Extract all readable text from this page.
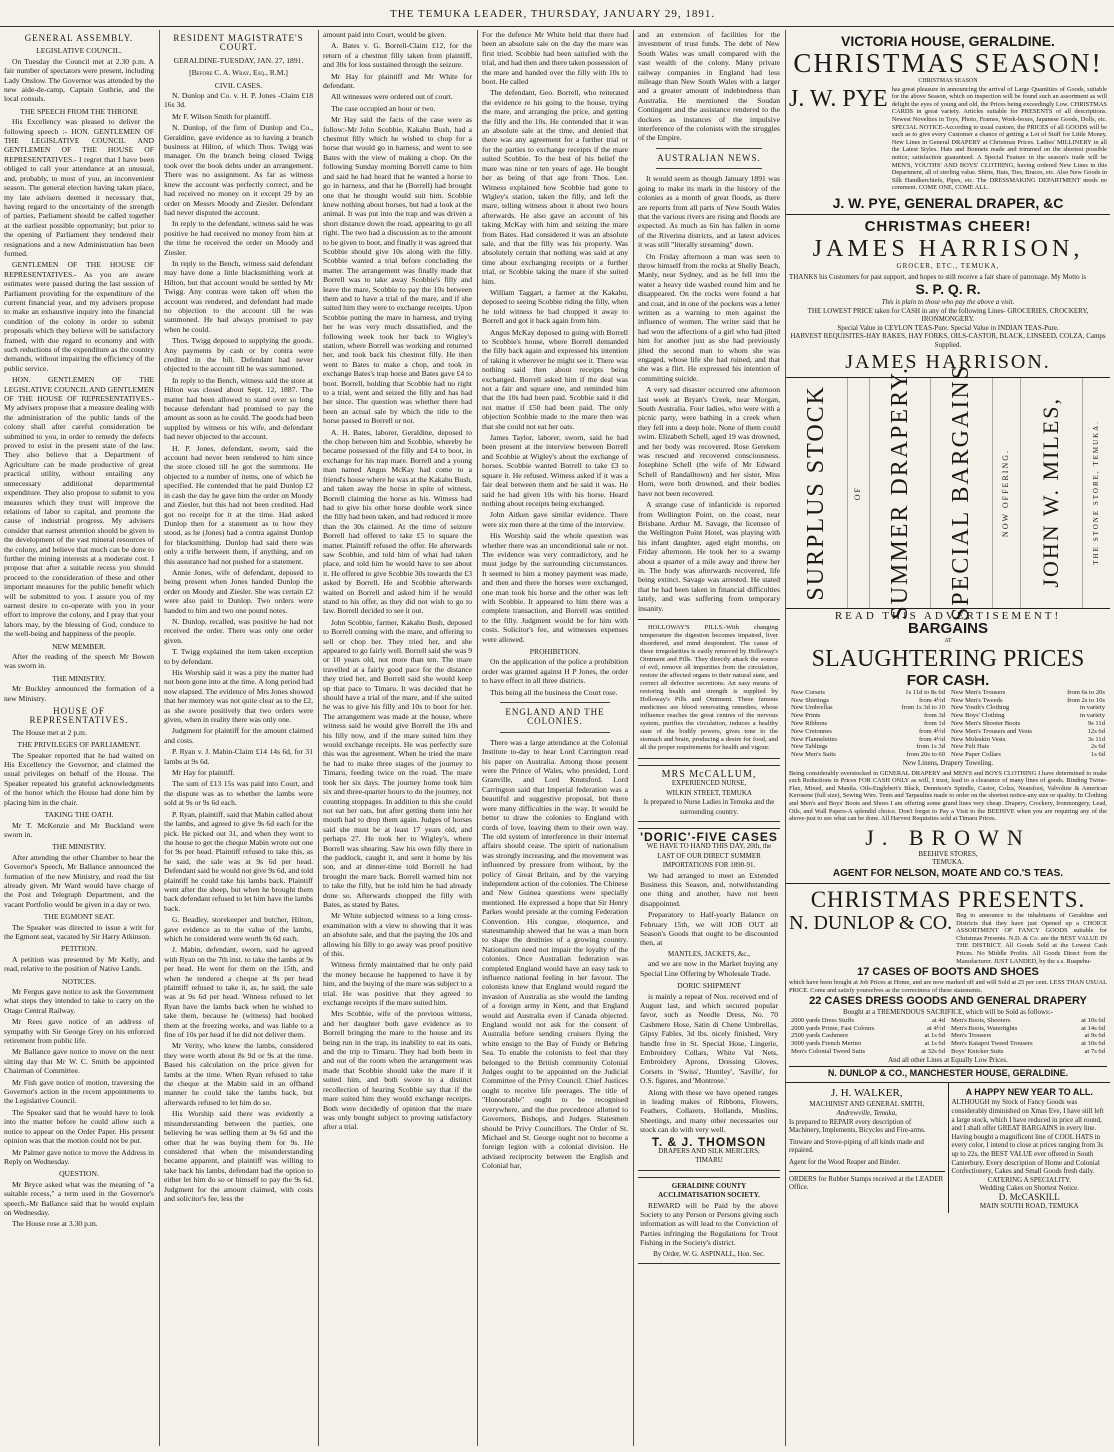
THE TEMUKA LEADER, THURSDAY, JANUARY 29, 1891.
GENERAL ASSEMBLY.
LEGISLATIVE COUNCIL.

On Tuesday the Council met at 2.30 p.m. A fair number of spectators were present, including Lady Onslow. The Governor was attended by the new aide-de-camp, Captain Guthrie, and the local consuls.

THE SPEECH FROM THE THRONE

His Excellency was pleased to deliver the following speech :- HON. GENTLEMEN OF THE LEGISLATIVE COUNCIL AND GENTLEMEN OF THE HOUSE OF REPRESENTATIVES.- I regret that I have been obliged to call your attendance at an unusual, and, probably, to most of you, an inconvenient season. The general election having taken place, my late advisers deemed it necessary that, having regard to the uncertainty of the strength of parties, Parliament should be called together at the earliest possible opportunity; but prior to the opening of Parliament they tendered their resignations and a new Administration has been formed.

GENTLEMEN OF THE HOUSE OF REPRESENTATIVES.- As you are aware estimates were passed during the last session of Parliament providing for the expenditure of the current financial year, and my advisers propose to make an exhaustive inquiry into the financial condition of the colony in order to submit proposals which they believe will be satisfactory framed, with due regard to economy and with such reductions of the expenditure as the country demands, without impairing the efficiency of the public service.

HON. GENTLEMEN OF THE LEGISLATIVE COUNCIL AND GENTLEMEN OF THE HOUSE OF REPRESENTATIVES.- My advisers propose that a measure dealing with the administration of the public lands of the colony shall after careful consideration be submitted to you, in order to remedy the defects proved to exist in the present state of the law. They also believe that a Department of Agriculture can be made productive of great practical utility, without entailing any unnecessary additional departmental expenditure. They also propose to submit to you measures which they trust will improve the relations of labor to capital, and promote the cause of industrial progress. My advisers consider that earnest attention should be given to the development of the vast mineral resources of the colony, and believe that much can be done to further the mining interests at a moderate cost. I propose that after a suitable recess you should proceed to the consideration of these and other important measures for the public benefit which will be submitted to you. I assure you of my earnest desire to co-operate with you in your effort to improve the colony, and I pray that your labors may, by the blessing of God, conduce to the well-being and happiness of the people.

NEW MEMBER.

After the reading of the speech Mr Bowen was sworn in.

THE MINISTRY.

Mr Buckley announced the formation of a new Ministry.

HOUSE OF REPRESENTATIVES.

The House met at 2 p.m.

THE PRIVILEGES OF PARLIAMENT.

The Speaker reported that he had waited on His Excellency the Governor, and claimed the usual privileges on behalf of the House. The Speaker repeated his grateful acknowledgments of the honor which the House had done him by placing him in the chair.

TAKING THE OATH.

Mr T. McKenzie and Mr Buckland were sworn in.

THE MINISTRY.

After attending the other Chamber to hear the Governor's Speech, Mr Ballance announced the formation of the new Ministry, and read the list already given. Mr Ward would have charge of the Post and Telegraph Department, and the vacant Portfolio would be given in a day or two.

THE EGMONT SEAT.

The Speaker was directed to issue a writ for the Egmont seat, vacated by Sir Harry Atkinson.

PETITION.

A petition was presented by Mr Kelly, and read, relative to the position of Native Lands.

NOTICES.

Mr Fergus gave notice to ask the Government what steps they intended to take to carry on the Otago Central Railway.

Mr Rees gave notice of an address of sympathy with Sir George Grey on his enforced retirement from public life.

Mr Ballance gave notice to move on the next sitting day that Mr W. C. Smith be appointed Chairman of Committee.

Mr Fish gave notice of motion, traversing the Governor's action in the recent appointments to the Legislative Council.

The Speaker said that he would have to look into the matter before he could allow such a notice to appear on the Order Paper. His present opinion was that the motion could not be put.

Mr Palmer gave notice to move the Address in Reply on Wednesday.

QUESTION.

Mr Bryce asked what was the meaning of "a suitable recess," a term used in the Governor's speech.-Mr Ballance said that he would explain on Wednesday.

The House rose at 3.30 p.m.

RESIDENT MAGISTRATE'S COURT.
GERALDINE-TUESDAY, JAN. 27, 1891.
[Before C. A. Wray, Esq., R.M.]
CIVIL CASES.

N. Dunlop and Co. v. H. P. Jones -Claim £18 16s 3d.

Mr F. Wilson Smith for plaintiff.

N. Dunlop, of the firm of Dunlop and Co., Geraldine, gave evidence as to having a branch business at Hilton, of which Thos. Twigg was manager. On the branch being closed Twigg took over the book debts under an arrangement. There was no assignment. As far as witness knew the account was perfectly correct, and he had received no money on it except 29 by an order on Messrs Moody and Ziesler. Defendant had never disputed the account.

In reply to the defendant, witness said he was positive he had received no money from him at the time he received the order on Moody and Ziesler.

In reply to the Bench, witness said defendant may have done a little blacksmithing work at Hilton, but that account would be settled by Mr Twigg. Any contras were taken off when the account was rendered, and defendant had made no objection to the account till he was summoned. He had always promised to pay when he could.

Thos. Twigg deposed to supplying the goods. Any payments by cash or by contra were credited in the bill. Defendant had never objected to the account till he was summoned.

In reply to the Bench, witness said the store at Hilton was closed about Sept. 12, 1887. The matter had been allowed to stand over so long because defendant had promised to pay the amount as soon as he could. The goods had been supplied by witness or his wife, and defendant had never objected to the account.

H. P. Jones, defendant, sworn, said the account had never been rendered to him since the store closed till he got the summons. He objected to a number of items, one of which he specified. He contended that he paid Dunlop £2 in cash the day he gave him the order on Moody and Ziesler, but this had not been credited. Had got no receipt for it at the time. Had asked Dunlop then for a statement as to how they stood, as he (Jones) had a contra against Dunlop for blacksmithing. Dunlop had said there was only a trifle between them, if anything, and on this assurance had not pushed for a statement.

Annie Jones, wife of defendant, deposed to being present when Jones handed Dunlop the order on Moody and Ziesler. She was certain £2 were also paid to Dunlop. Two orders were handed to him and two one pound notes.

N. Dunlop, recalled, was positive he had not received the order. There was only one order given.

T. Twigg explained the item taken exception to by defendant.

His Worship said it was a pity the matter had not been gone into at the time. A long period had now elapsed. The evidence of Mrs Jones showed that her memory was not quite clear as to the £2, as she swore positively that two orders were given, when in reality there was only one.

Judgment for plaintiff for the amount claimed and costs.

P. Ryan v. J. Mabin-Claim £14 14s 6d, for 31 lambs at 9s 6d.

Mr Hay for plaintiff.

The sum of £13 15s was paid into Court, and the dispute was as to whether the lambs were sold at 9s or 9s 6d each.

P. Ryan, plaintiff, said that Mabin called about the lambs, and agreed to give 9s 6d each for the pick. He picked out 31, and when they went to the house to get the cheque Mabin wrote out one for 9s per head. Plaintiff refused to take this, as he said, the sale was at 9s 6d per head. Defendant said he would not give 9s 6d, and told plaintiff he could take his lambs back. Plaintiff went after the sheep, but when he brought them back defendant refused to let him have the lambs back.

G. Beadley, storekeeper and butcher, Hilton, gave evidence as to the value of the lambs, which he considered were worth 9s 6d each.

J. Mabin, defendant, sworn, said he agreed with Ryan on the 7th inst. to take the lambs at 9s per head. He went for them on the 15th, and when he tendered a cheque at 9s per head plaintiff refused to take it, as, he said, the sale was at 9s 6d per head. Witness refused to let Ryan have the lambs back when he wished to take them, because he (witness) had booked them at the freezing works, and was liable to a fine of 10s per head if he did not deliver them.

Mr Verity, who knew the lambs, considered they were worth about 8s 9d or 9s at the time. Based his calculation on the price given for lambs at the time. When Ryan refused to take the cheque at the Mabin said in an offhand manner he could take the lambs back, but afterwards refused to let him do so.

His Worship said there was evidently a misunderstanding between the parties, one believing he was selling them at 9s 6d and the other that he was buying them for 9s. He considered that when the misunderstanding became apparent, and plaintiff was willing to take back his lambs, defendant had the option to either let him do so or himself to pay the 9s 6d. Judgment for the amount claimed, with costs and solicitor's fee, less the

amount paid into Court, would be given.

A. Bates v. G. Borrell-Claim £12, for the return of a chestnut filly taken from plaintiff, and 30s for loss sustained through the seizure.

Mr Hay for plaintiff and Mr White for defendant.

All witnesses were ordered out of court.

The case occupied an hour or two.

Mr Hay said the facts of the case were as follow:-Mr John Scobbie, Kakahu Bush, had a chestnut filly which he wished to chop for a horse that would go in harness, and went to see Bates with the view of making a chop. On the following Sunday morning Borrell came to him and said he had heard that he wanted a horse to go in harness, and that he (Borrell) had brought one that he thought would suit him. Scobbie knew nothing about horses, but had a look at the animal. It was put into the trap and was driven a short distance down the road, appearing to go all right. The two had a discussion as to the amount to be given to boot, and finally it was agreed that Scobbie should give 10s along with the filly. Scobbie wanted a trial before concluding the matter. The arrangement was finally made that Borrell was to take away Scobbie's filly and leave the mare, Scobbie to pay the 10s between them and to have a trial of the mare, and if she suited him they were to exchange receipts. Upon Scobbie putting the mare in harness, and trying her he was very much dissatisfied, and the following week took her back to Wigley's station, where Borrell was working and returned her, and took back his chestnut filly. He then went to Bates to make a chop, and took in exchange Bates's trap horse and Bates gave £4 to boot. Borrell, holding that Scobbie had no right to a trial, went and seized the filly and has had her since. The question was whether there had been an actual sale by which the title to the horse passed to Borrell or not.

A. H. Bates, laborer, Geraldine, deposed to the chop between him and Scobbie, whereby he became possessed of the filly and £4 to boot, in exchange for his trap mare. Borrell and a young man named Angus McKay had come to a friend's house where he was at the Kakahu Bush, and taken away the horse in spite of witness, Borrell claiming the horse as his. Witness had had to give his other horse double work since the filly had been taken, and had reduced it more than the 30s claimed. At the time of seizure Borrell had offered to take £5 to square the matter. Plaintiff refused the offer. He afterwards saw Scobbie, and told him of what had taken place, and told him he would have to see about it. He offered to give Scobbie 30s towards the £3 asked by Borrell. He and Scobbie afterwards waited on Borrell and asked him if he would stand to his offer, as they did not wish to go to law. Borrell decided to see it out.

John Scobbie, farmer, Kakahu Bush, deposed to Borrell coming with the mare, and offering to sell or chop her. They tried her, and she appeared to go fairly well. Borrell said she was 9 or 10 years old, not more than ten. The mare travelled at a fairly good pace for the distance they tried her, and Borrell said she would keep up that pace to Timaru. It was decided that he should have a trial of the mare, and if she suited he was to give his filly and 10s to boot for her. The arrangement was made at the house, where witness said he would give Borrell the 10s and his filly now, and if the mare suited him they would exchange receipts. He was perfectly sure this was the agreement. When he tried the mare he had to make three stages of the journey to Timaru, feeding twice on the road. The mare took her six days. The journey home took him six and three-quarter hours to do the journey, not counting stoppages. In addition to this she could not eat her oats, but after getting them into her mouth had to drop them again. Judges of horses said she must be at least 17 years old, and perhaps 27. He took her to Wigley's, where Borrell was shearing. Saw his own filly there in the paddock, caught it, and sent it home by his son, and at dinner-time told Borrell he had brought the mare back. Borrell warned him not to take the filly, but he told him he had already done so. Afterwards chopped the filly with Bates, as stated by Bates.

Mr White subjected witness to a long cross-examination with a view to showing that it was an absolute sale, and that the paying the 10s and allowing his filly to go away was proof positive of this.

Witness firmly maintained that he only paid the money because he happened to have it by him, and the buying of the mare was subject to a trial. He was positive that they agreed to exchange receipts if the mare suited him.

Mrs Scobbie, wife of the previous witness, and her daughter both gave evidence as to Borrell bringing the mare to the house and its being run in the trap, its inability to eat its oats, and the trip to Timaru. They had both been in and out of the room when the arrangement was made that Scobbie should take the mare if it suited him, and both swore to a distinct recollection of hearing Scobbie say that if the mare suited him they would exchange receipts. Both were decidedly of opinion that the mare was only bought subject to proving satisfactory after a trial.

For the defence Mr White held that there had been an absolute sale on the day the mare was first tried. Scobbie had been satisfied with the trial, and had then and there taken possession of the mare and handed over the filly with 10s to boot. He called

The defendant, Geo. Borrell, who reiterated the evidence re his going to the house, trying the mare, and arranging the price, and getting the filly and the 10s. He contended that it was an absolute sale at the time, and denied that there was any agreement for a further trial or for the parties to exchange receipts if the mare suited Scobbie. To the best of his belief the mare was nine or ten years of age. He bought her as being of that age from Thos. Lee. Witness explained how Scobbie had gone to Wigley's station, taken the filly, and left the mare, telling witness about it about two hours afterwards. He also gave an account of his taking McKay with him and seizing the mare from Bates. Had considered it was an absolute sale, and that the filly was his property. Was absolutely certain that nothing was said at any time about exchanging receipts or a further trial, or Scobbie taking the mare if she suited him.

William Taggart, a farmer at the Kakahu, deposed to seeing Scobbie riding the filly, when he told witness he had chopped it away to Borrell and got it back again from him.

Angus McKay deposed to going with Borrell to Scobbie's house, where Borrell demanded the filly back again and expressed his intention of taking it wherever he might see it. There was nothing said then about receipts being exchanged. Borrell asked him if the deal was not a fair and square one, and reminded him that the 10s had been paid. Scobbie said it did not matter if £50 had been paid. The only objection Scobbie made to the mare then was that she could not eat her oats.

James Taylor, laborer, sworn, said he had been present at the interview between Borrell and Scobbie at Wigley's about the exchange of horses. Scobbie wanted Borrell to take £3 to square it. He refused. Witness asked if it was a fair deal between them and he said it was. He said he had given 10s with his horse. Heard nothing about receipts being exchanged.

John Aitken gave similar evidence. There were six men there at the time of the interview.

His Worship said the whole question was whether there was an unconditional sale or not. The evidence was very contradictory, and he must judge by the surrounding circumstances. It seemed to him a money payment was made, and then and there the horses were exchanged, one man took his horse and the other was left with Scobbie. It appeared to him there was a complete transaction, and Borrell was entitled to the filly. Judgment would be for him with costs. Solicitor's fee, and witnesses expenses were allowed.

PROHIBITION.

On the application of the police a prohibition order was granted against H P Jones, the order to have effect in all three districts.

This being all the business the Court rose.

ENGLAND AND THE COLONIES.

There was a large attendance at the Colonial Institute to-day to hear Lord Carrington read his paper on Australia. Among those present were the Prince of Wales, who presided, Lord Granville, and Lord Knutsford. Lord Carrington said that Imperial federation was a beautiful and suggestive proposal, but there were many difficulties in the way. It would be better to draw the colonies to England with cords of love, leaving them to their own way. The old system of interference in their internal affairs should cease. The spirit of nationalism was strongly increasing, and the movement was influenced by pressure from without, by the policy of Great Britain, and by the varying independent action of the colonies. The Chinese and New Guinea questions were specially mentioned. He expressed a hope that Sir Henry Parkes would preside at the coming Federation Convention. His congue, eloquence, and statesmanship showed that he was a man born to shape the destinies of a growing country. Nationalism need not impair the loyalty of the colonies. Once Australian federation was completed England would have an easy task to influence national feeling in her favour. The colonists knew that England would regard the invasion of Australia as she would the landing of a foreign army in Kent, and that England would aid Australia even if Canada objected. England would not ask for the consent of Australia before sending cruisers flying the white ensign to the Bay of Fundy or Behring Sea. To enable the colonists to feel that they belonged to the British community Colonial Judges ought to be appointed on the Judicial Committee of the Privy Council. Chief Justices ought to receive life peerages. The title of "Honourable" ought to be recognised everywhere, and the due precedence allotted to Governors, Bishops, and Judges. Statesmen should be Privy Councillors. The Order of St. Michael and St. George ought not to become a foreign legion with a colonial division. He advised reciprocity between the English and Colonial bar,

and an extension of facilities for the investment of trust funds. The debt of New South Wales was small compared with the vast wealth of the colony. Many private railway companies in England had less mileage than New South Wales with a larger and a greater amount of indebtedness than Australia. He mentioned the Soudan Contingent and the assistance rendered to the dockers as instances of the impulsive interference of the colonists with the struggles of the Empire.

AUSTRALIAN NEWS.

It would seem as though January 1891 was going to make its mark in the history of the colonies as a month of great floods, as there are reports from all parts of New South Wales that the various rivers are rising and floods are expected. As much as 6in has fallen in some of the Riverina districts, and at latest advices it was still "literally streaming" down.

On Friday afternoon a man was seen to throw himself from the rocks at Shelly Beach, Manly, near Sydney, and as he fell into the water a heavy tide washed round him and he disappeared. On the rocks were found a hat and coat, and in one of the pockets was a letter written as a warning to men against the influence of women. The writer said that he had won the affections of a girl who had jilted him for another just as she had previously jilted the second man to whom she was engaged, whose life she had ruined, and that she was a flirt. He expressed his intention of committing suicide.

A very sad disaster occurred one afternoon last week at Bryan's Creek, near Morgan, South Australia. Four ladies, who were with a picnic party, were bathing in a creek when they fell into a deep hole. None of them could swim. Elizabeth Schell, aged 19 was drowned, and her body was recovered. Rose Gerekem was rescued and recovered consciousness. Josephine Schell (the wife of Mr Edward Schell of Randalltown) and her sister, Miss Horn, were both drowned, and their bodies have not been recovered.

A strange case of infanticide is reported from Wellington Point, on the coast, near Brisbane. Arthur M. Savage, the licensee of the Wellington Point Hotel, was playing with his infant daughter, aged eight months, on Friday afternoon. He took her to a swamp about a quarter of a mile away and threw her in. The body was afterwards recovered, life being extinct. Savage was arrested. He stated that he had been taken in financial difficulties lately, and was suffering from temporary insanity.

HOLLOWAY'S PILLS.-With changing temperature the digestion becomes impaired, liver disordered, and mind despondent. The cause of these irregularities is easily removed by Holloway's Ointment and Pills. They directly attack the source of evil, remove all impurities from the circulation, restore the affected organs to their natural state, and correct all defective secretions. An easy means of restoring health and strength is supplied by Holloway's Pills and Ointment. These famous medicines are blood renovating remedies, whose influence reaches the great centres of the nervous system, purifies the circulation, induces a healthy state of the bodily powers, gives tone to the stomach and brain, producing a desire for food, and all the proper requirements for health and vigour.

MRS McCALLUM,
EXPERIENCED NURSE,
WILKIN STREET, TEMUKA
Is prepared to Nurse Ladies in Temuka and the surrounding country.
'DORIC'-FIVE CASES
WE HAVE TO HAND THIS DAY, 20th, the LAST OF OUR DIRECT SUMMER IMPORTATIONS FOR 1890-91.

We had arranged to meet an Extended Business this Season, and, notwithstanding one thing and another, have not been disappointed.

Preparatory to Half-yearly Balance on February 15th, we will JOB OUT all Season's Goods that ought to be discounted then, at

MANTLES, JACKETS, &c.,

and we are now in the Market buying any Special Line Offering by Wholesale Trade.

DORIC SHIPMENT

is mainly a repeat of Nos. received end of August last, and which secured popular favor, such as Needle Dress, No. 70 Cashmere Hose, Satin di Chene Umbrellas, Gipsy Fables, 3d lbs. nicely finished, Very handle free in St. Special Hose, Lingerie, Embroidery Collars, White Val Nets, Embroidery Aprons, Dressing Gloves, Corsets in 'Swiss', 'Huntley', 'Saville', for O.S. figures, and 'Montrose.'

Along with these we have opened ranges in leading makes of Ribbons, Flowers, Feathers, Collarets, Hollands, Muslins, Sheetings, and many other necessaries our stock can do with very well.

T. & J. THOMSON
DRAPERS AND SILK MERCERS,
TIMARU
GERALDINE COUNTY ACCLIMATISATION SOCIETY.

REWARD will be Paid by the above Society to any Person or Persons giving such information as will lead to the Conviction of Parties infringing the Regulations for Trout Fishing in the Society's district.

By Order, W. G. ASPINALL, Hon. Sec.
VICTORIA HOUSE, GERALDINE.
CHRISTMAS SEASON!
CHRISTMAS SEASON
J. W. PYE has great pleasure in announcing the arrival of Large Quantities of Goods, suitable for the above Season, which on inspection will be found such an assortment as will delight the eyes of young and old, the Prices being exceedingly Low. CHRISTMAS CARDS in great variety. Articles suitable for PRESENTS of all descriptions. Newest Novelties in Toys, Photo, Frames, Work-boxes, Japanese Goods, Dolls, etc. SPECIAL NOTICE-According to usual custom, the PRICES of all GOODS will be such as to give every Customer a chance of getting a Lot of Stuff for Little Money. New Lines in General DRAPERY at Christmas Prices. Ladies' MILLINERY in all the Latest Styles. Hats and Bonnets made and trimmed on the shortest possible notice; satisfaction guaranteed. A Special Feature in the season's trade will be MEN'S, YOUTHS' AND BOYS' CLOTHING, having ordered New Lines in this Department, all of sterling value. Shirts, Hats, Ties, Braces, etc. Also New Goods in Silk Handkerchiefs, Pipes, etc. The DRESSMAKING DEPARTMENT needs no comment. COME ONE, COME ALL.
J. W. PYE, GENERAL DRAPER, &C
CHRISTMAS CHEER!
JAMES HARRISON,
GROCER, ETC., TEMUKA,
THANKS his Customers for past support, and hopes to still receive a fair share of patronage. My Motto is
S. P. Q. R.
This is plain to those who pay the above a visit.
THE LOWEST PRICE taken for CASH in any of the following Lines- GROCERIES, CROCKERY, IRONMONGERY.
Special Value in CEYLON TEAS-Pure. Special Value in INDIAN TEAS-Pure.
HARVEST REQUISITES-HAY RAKES, HAY FORKS, OILS-CASTOR, BLACK, LINSEED, COLZA, Camps Supplied.
JAMES HARRISON.
SURPLUS STOCK	OF SUMMER DRAPERY. SPECIAL BARGAINS	NOW OFFERING. JOHN W. MILES,	THE STONE STORE, TEMUKA.
READ THIS ADVERTISEMENT!
BARGAINS
AT
SLAUGHTERING PRICES
FOR CASH.
New Corsets	1s 11d to 8s 6d
New Shirtings	from 4½d
New Umbrellas	from 1s 3d to 10
New Prints	from 3d
New Ribbons	from 1d
New Cretonnes	from 4½d
New Flannelettes	from 4½d
New Tablings	from 1s 3d
New Men's Suits	from 20s to 60
New Men's Trousers	from 6s to 20s
New Men's Tweeds	from 2s to 10s
New Youth's Clothing	in variety
New Boys' Clothing	in variety
New Men's Shooter Boots	9s 11d
New Men's Trousers and Vests	12s 6d
New Moleskin Vests	3s 11d
New Felt Hats	2s 6d
New Paper Collars	1s 6d
New Linens, Drapery Toweling.
Being considerably overstocked in GENERAL DRAPERY and MEN'S and BOYS CLOTHING I have determined to make such Reductions in Prices FOR CASH ONLY as will, I trust, lead to a clearance of many lines of goods. Binding Twine-Flax, Mixed, and Manila. Oils-Englebert's Black, Dennison's Spindle, Castor, Colza, Neatsfoot, Valvoline & American Kerosene (full size), Sewing Wire. Tents and Tarpaulins made to order on the shortest notice-any size or quality. In Clothing and Men's and Boys' Boots and Shoes I am offering some grand lines very cheap. Drapery, Crockery, Ironmongery, Lead, Oils, and Wall Papers-A splendid choice. Don't forget to Pay a Visit to the BEEHIVE when you are requiring any of the above-just to see what can be done. All Harvest Requisites sold at Timaru Prices.
J. BROWN
BEEHIVE STORES,
TEMUKA.
AGENT FOR NELSON, MOATE AND CO.'S TEAS.
CHRISTMAS PRESENTS.
N. DUNLOP & CO. Beg to announce to the inhabitants of Geraldine and Districts that they have just Opened up a CHOICE ASSORTMENT OF FANCY GOODS suitable for Christmas Presents. N.D. & Co. are the BEST VALUE IN THE DISTRICT. All Goods Sold at the Lowest Cash Prices. No Middle Profits. All Goods Direct from the Manufacturer. JUST LANDED, by the s.s. Ruapehu-
17 CASES OF BOOTS AND SHOES
which have been bought at Job Prices at Home, and are now marked off and will Sold at 25 per cent. LESS THAN USUAL PRICE. Come and satisfy yourselves as the correctness of these statements.
22 CASES DRESS GOODS AND GENERAL DRAPERY
Bought at a TREMENDOUS SACRIFICE, which will be Sold as follows:-
2000 yards Dress Stuffs	at 4d
2000 yards Prime, Fast Colours	at 4½d
2500 yards Cashmere	at 1s 6d
3000 yards French Merino	at 1s 6d
Men's Colonial Tweed Suits	at 32s 6d
Men's Boots, Shooters	at 10s 6d
Men's Boots, Watertights	at 14s 6d
Men's Trousers	at 9s 6d
Men's Kaiapoi Tweed Trousers	at 10s 6d
Boys' Knicker Suits	at 7s 6d
And all other Lines at Equally Low Prices.
N. DUNLOP & CO., MANCHESTER HOUSE, GERALDINE.
J. H. WALKER,
MACHINIST AND GENERAL SMITH,
Andrewville, Temuka,
Is prepared to REPAIR every description of Machinery, Implements, Bicycles and Fire-arms.
Tinware and Stove-piping of all kinds made and repaired.
Agent for the Wood Reaper and Binder.
ORDERS for Rubber Stamps received at the LEADER Office.
A HAPPY NEW YEAR TO ALL.
ALTHOUGH my Stock of Fancy Goods was considerably diminished on Xmas Eve, I have still left a large stock, which I have reduced in price all round, and I shall offer GREAT BARGAINS in every line. Having bought a magnificent line of COOL HATS in every color, I intend to close at prices ranging from 3s up to 22s, the BEST VALUE ever offered in South Canterbury. Every description of Home and Colonial Confectionery, Cakes and Small Goods fresh daily.
CATERING A SPECIALITY.
Wedding Cakes on Shortest Notice.
D. McCASKILL
MAIN SOUTH ROAD, TEMUKA
